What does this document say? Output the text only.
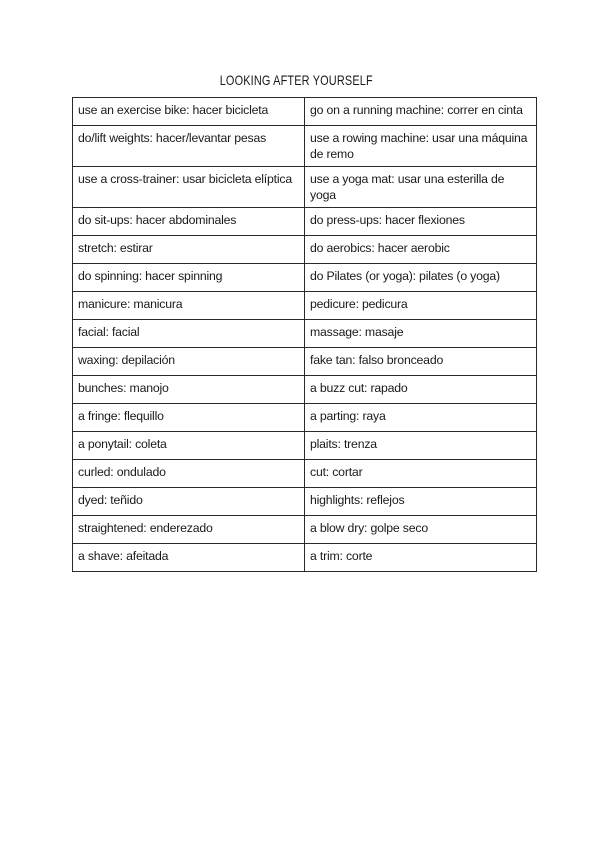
LOOKING AFTER YOURSELF
use an exercise bike: hacer bicicleta	go on a running machine: correr en cinta
do/lift weights: hacer/levantar pesas	use a rowing machine: usar una máquina de remo
use a cross-trainer: usar bicicleta elíptica	use a yoga mat: usar una esterilla de yoga
do sit-ups: hacer abdominales	do press-ups: hacer flexiones
stretch: estirar	do aerobics: hacer aerobic
do spinning: hacer spinning	do Pilates (or yoga): pilates (o yoga)
manicure: manicura	pedicure: pedicura
facial: facial	massage: masaje
waxing: depilación	fake tan: falso bronceado
bunches: manojo	a buzz cut: rapado
a fringe: flequillo	a parting: raya
a ponytail: coleta	plaits: trenza
curled: ondulado	cut: cortar
dyed: teñido	highlights: reflejos
straightened: enderezado	a blow dry: golpe seco
a shave: afeitada	a trim: corte
